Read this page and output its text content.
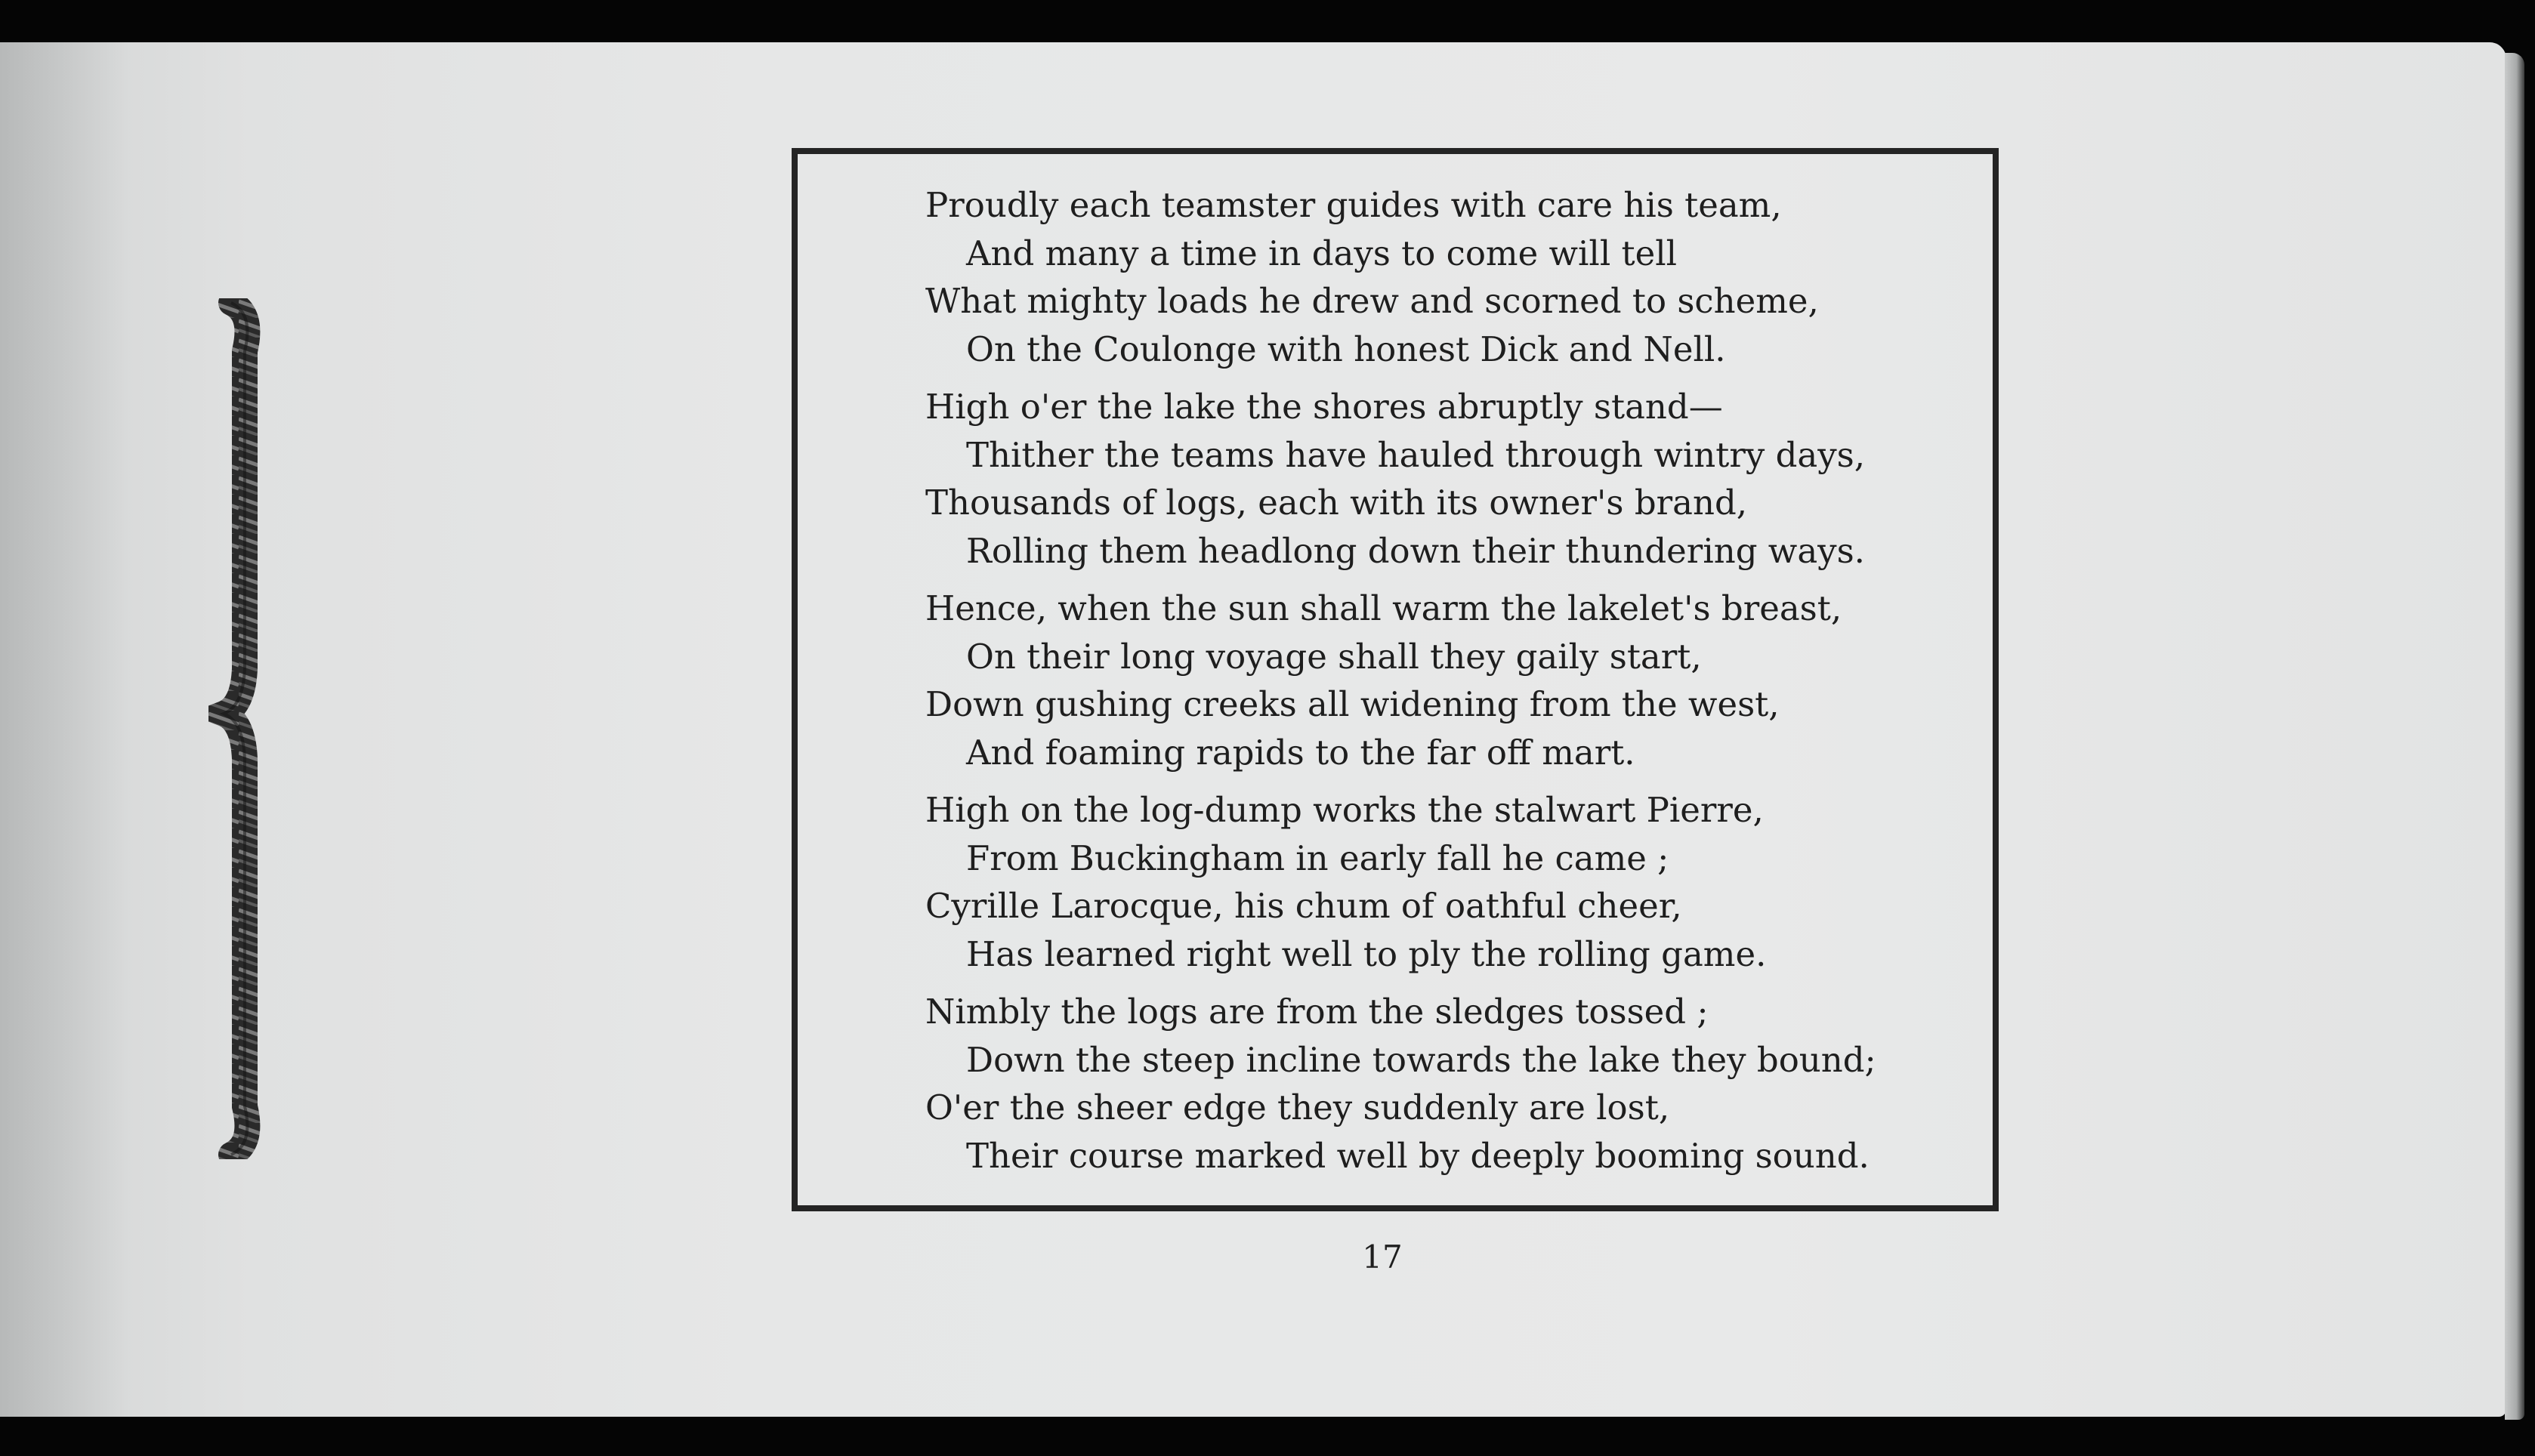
Proudly each teamster guides with care his team,
And many a time in days to come will tell
What mighty loads he drew and scorned to scheme,
On the Coulonge with honest Dick and Nell.
High o'er the lake the shores abruptly stand—
Thither the teams have hauled through wintry days,
Thousands of logs, each with its owner's brand,
Rolling them headlong down their thundering ways.
Hence, when the sun shall warm the lakelet's breast,
On their long voyage shall they gaily start,
Down gushing creeks all widening from the west,
And foaming rapids to the far off mart.
High on the log-dump works the stalwart Pierre,
From Buckingham in early fall he came ;
Cyrille Larocque, his chum of oathful cheer,
Has learned right well to ply the rolling game.
Nimbly the logs are from the sledges tossed ;
Down the steep incline towards the lake they bound;
O'er the sheer edge they suddenly are lost,
Their course marked well by deeply booming sound.
17
